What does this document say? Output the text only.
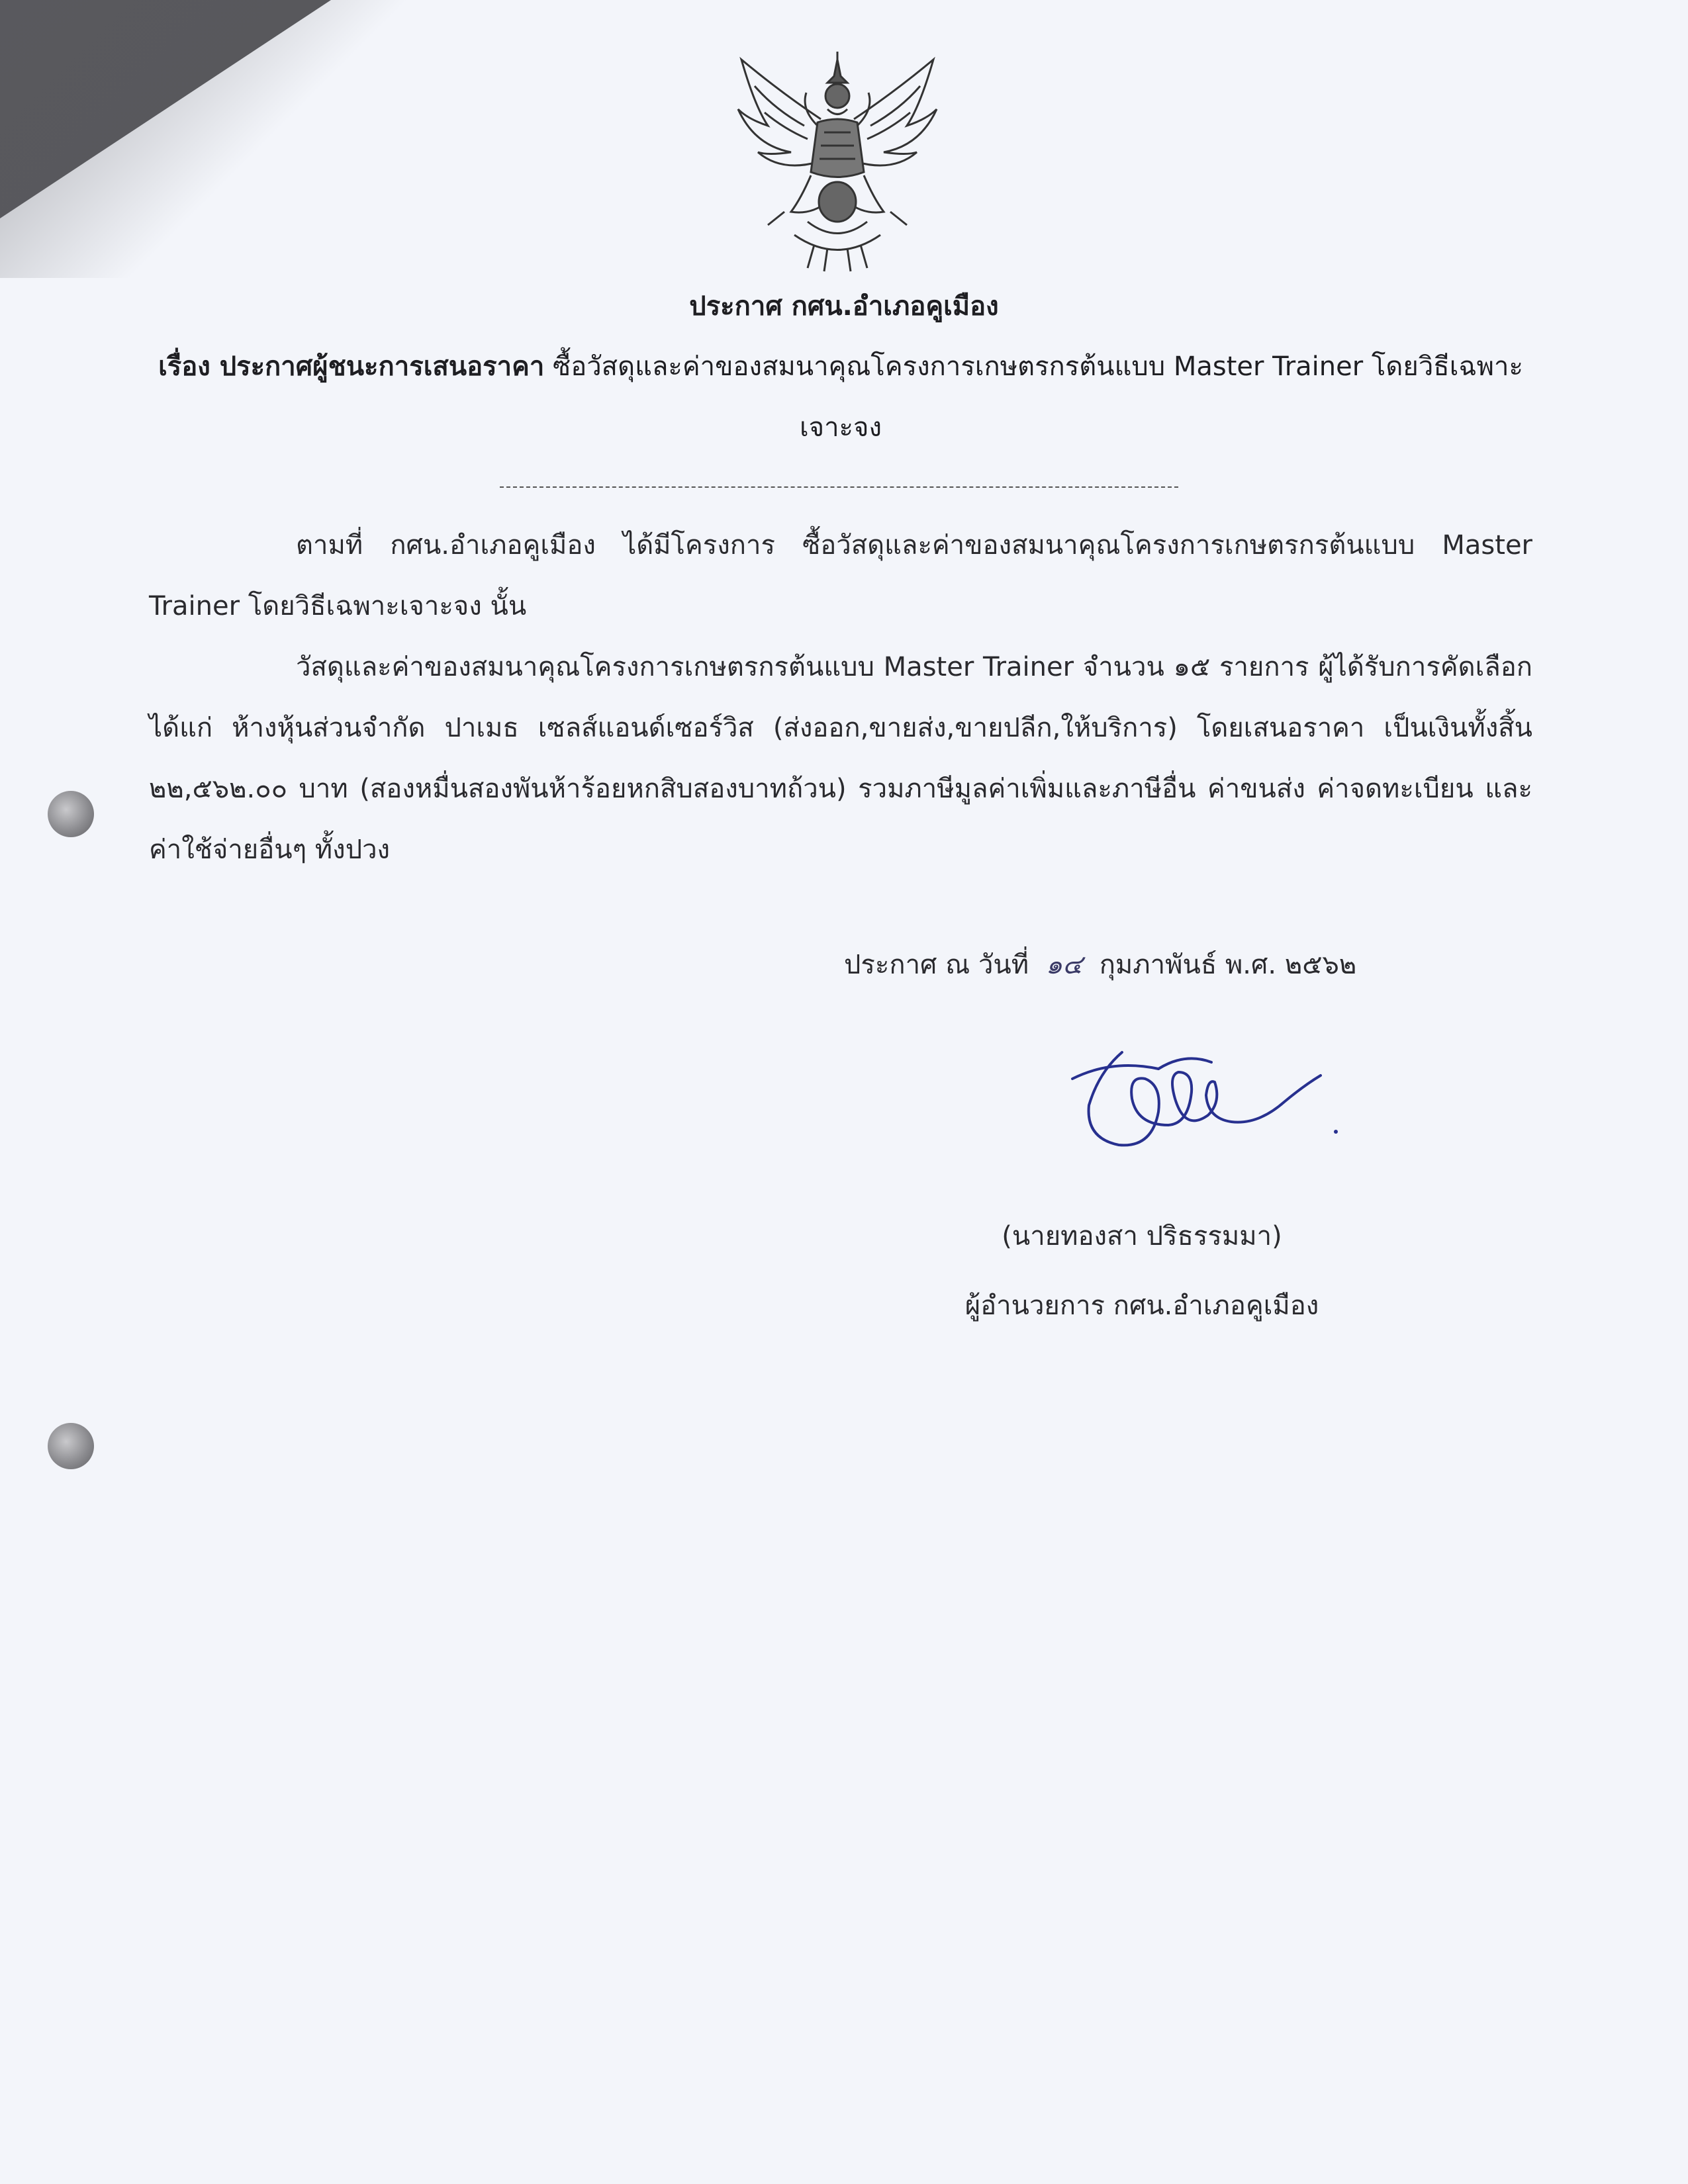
ประกาศ กศน.อำเภอคูเมือง
เรื่อง ประกาศผู้ชนะการเสนอราคา ซื้อวัสดุและค่าของสมนาคุณโครงการเกษตรกรต้นแบบ Master Trainer โดยวิธีเฉพาะเจาะจง
ตามที่ กศน.อำเภอคูเมือง ได้มีโครงการ ซื้อวัสดุและค่าของสมนาคุณโครงการเกษตรกรต้นแบบ Master Trainer โดยวิธีเฉพาะเจาะจง นั้น
วัสดุและค่าของสมนาคุณโครงการเกษตรกรต้นแบบ Master Trainer จำนวน ๑๕ รายการ ผู้ได้รับการคัดเลือก ได้แก่ ห้างหุ้นส่วนจำกัด ปาเมธ เซลส์แอนด์เซอร์วิส (ส่งออก,ขายส่ง,ขายปลีก,ให้บริการ) โดยเสนอราคา เป็นเงินทั้งสิ้น ๒๒,๕๖๒.๐๐ บาท (สองหมื่นสองพันห้าร้อยหกสิบสองบาทถ้วน) รวมภาษีมูลค่าเพิ่มและภาษีอื่น ค่าขนส่ง ค่าจดทะเบียน และค่าใช้จ่ายอื่นๆ ทั้งปวง
ประกาศ ณ วันที่ ๑๔ กุมภาพันธ์ พ.ศ. ๒๕๖๒
(นายทองสา ปริธรรมมา)
ผู้อำนวยการ กศน.อำเภอคูเมือง
